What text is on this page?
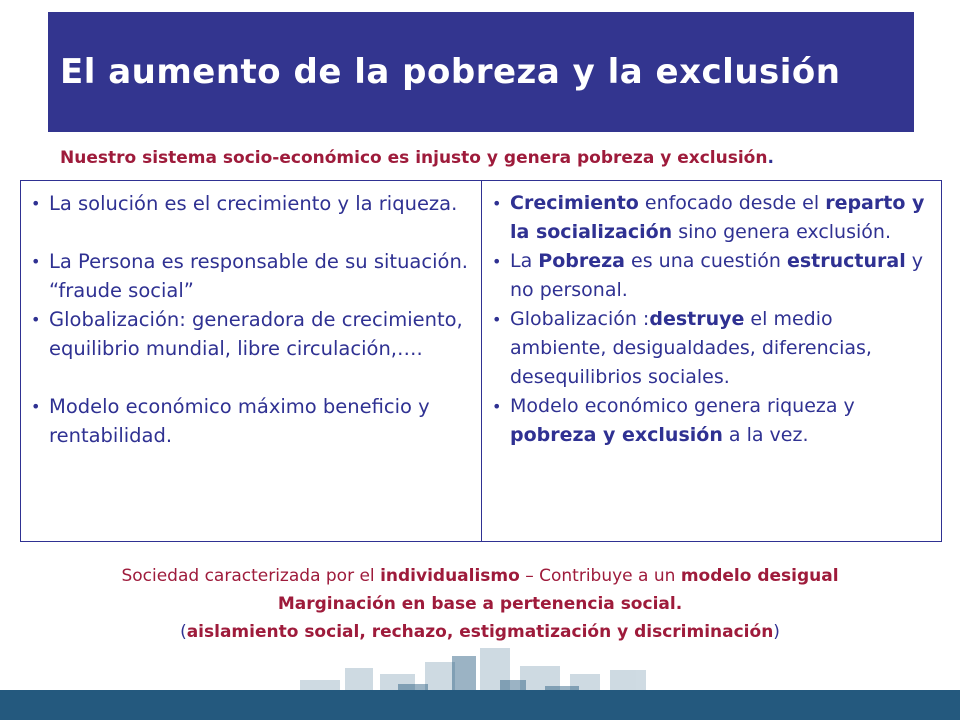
El aumento de la pobreza y la exclusión
Nuestro sistema socio-económico es injusto y genera pobreza y exclusión.
• La solución es el crecimiento y la riqueza.
• La Persona es responsable de su situación. “fraude social”
• Globalización: generadora de crecimiento, equilibrio mundial, libre circulación,….
• Modelo económico máximo beneficio y rentabilidad.
• Crecimiento enfocado desde el reparto y la socialización sino genera exclusión.
• La Pobreza es una cuestión estructural y no personal.
• Globalización :destruye el medio ambiente, desigualdades, diferencias, desequilibrios sociales.
• Modelo económico genera riqueza y pobreza y exclusión a la vez.
Sociedad caracterizada por el individualismo – Contribuye a un modelo desigual
Marginación en base a pertenencia social.
(aislamiento social, rechazo, estigmatización y discriminación)
